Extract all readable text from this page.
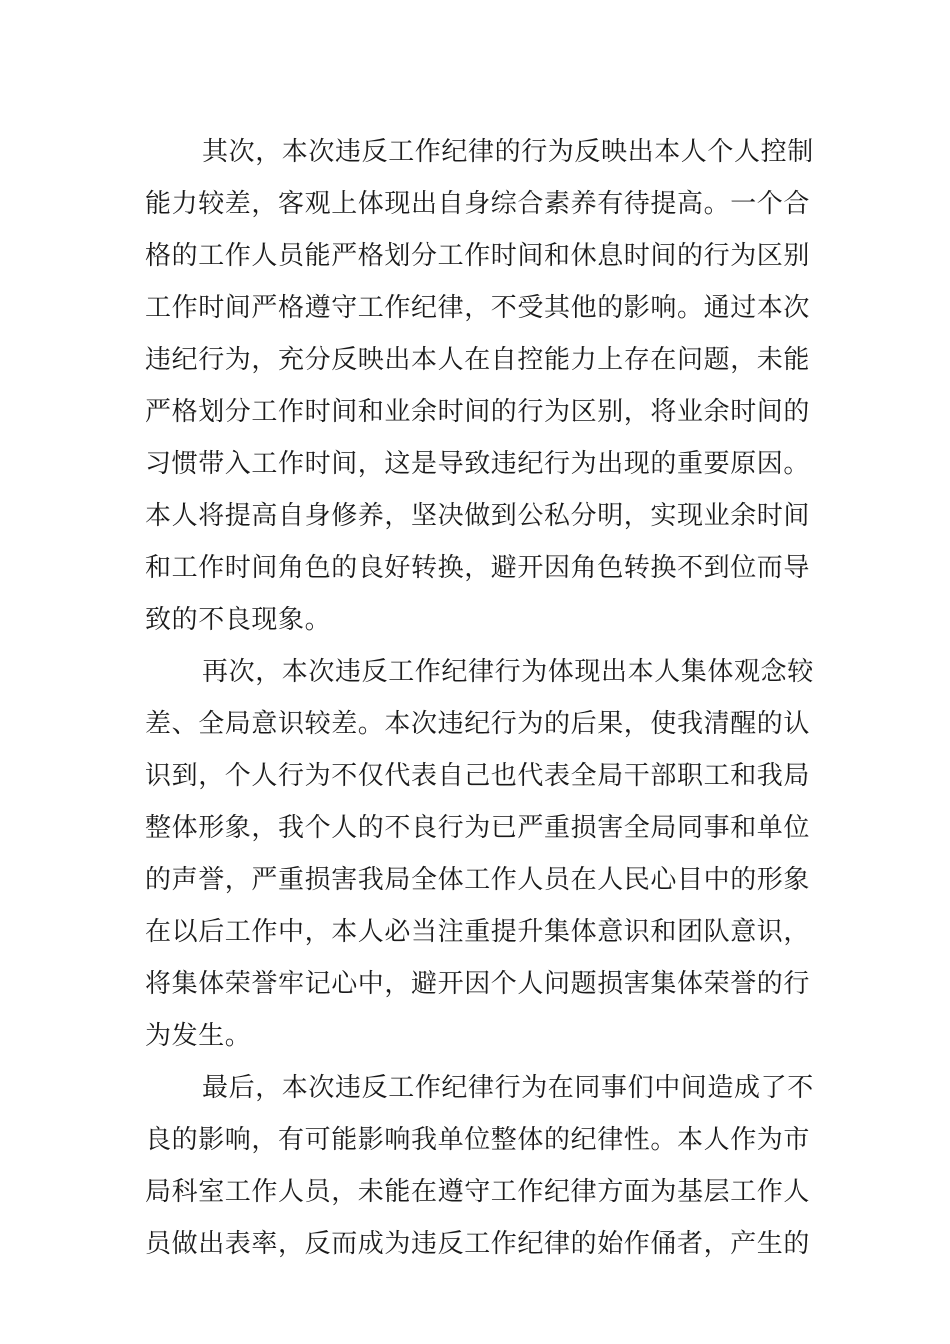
其次，本次违反工作纪律的行为反映出本人个人控制
能力较差，客观上体现出自身综合素养有待提高。一个合
格的工作人员能严格划分工作时间和休息时间的行为区别
工作时间严格遵守工作纪律，不受其他的影响。通过本次
违纪行为，充分反映出本人在自控能力上存在问题，未能
严格划分工作时间和业余时间的行为区别，将业余时间的
习惯带入工作时间，这是导致违纪行为出现的重要原因。
本人将提高自身修养，坚决做到公私分明，实现业余时间
和工作时间角色的良好转换，避开因角色转换不到位而导
致的不良现象。
再次，本次违反工作纪律行为体现出本人集体观念较
差、全局意识较差。本次违纪行为的后果，使我清醒的认
识到，个人行为不仅代表自己也代表全局干部职工和我局
整体形象，我个人的不良行为已严重损害全局同事和单位
的声誉，严重损害我局全体工作人员在人民心目中的形象
在以后工作中，本人必当注重提升集体意识和团队意识，
将集体荣誉牢记心中，避开因个人问题损害集体荣誉的行
为发生。
最后，本次违反工作纪律行为在同事们中间造成了不
良的影响，有可能影响我单位整体的纪律性。本人作为市
局科室工作人员，未能在遵守工作纪律方面为基层工作人
员做出表率，反而成为违反工作纪律的始作俑者，产生的
